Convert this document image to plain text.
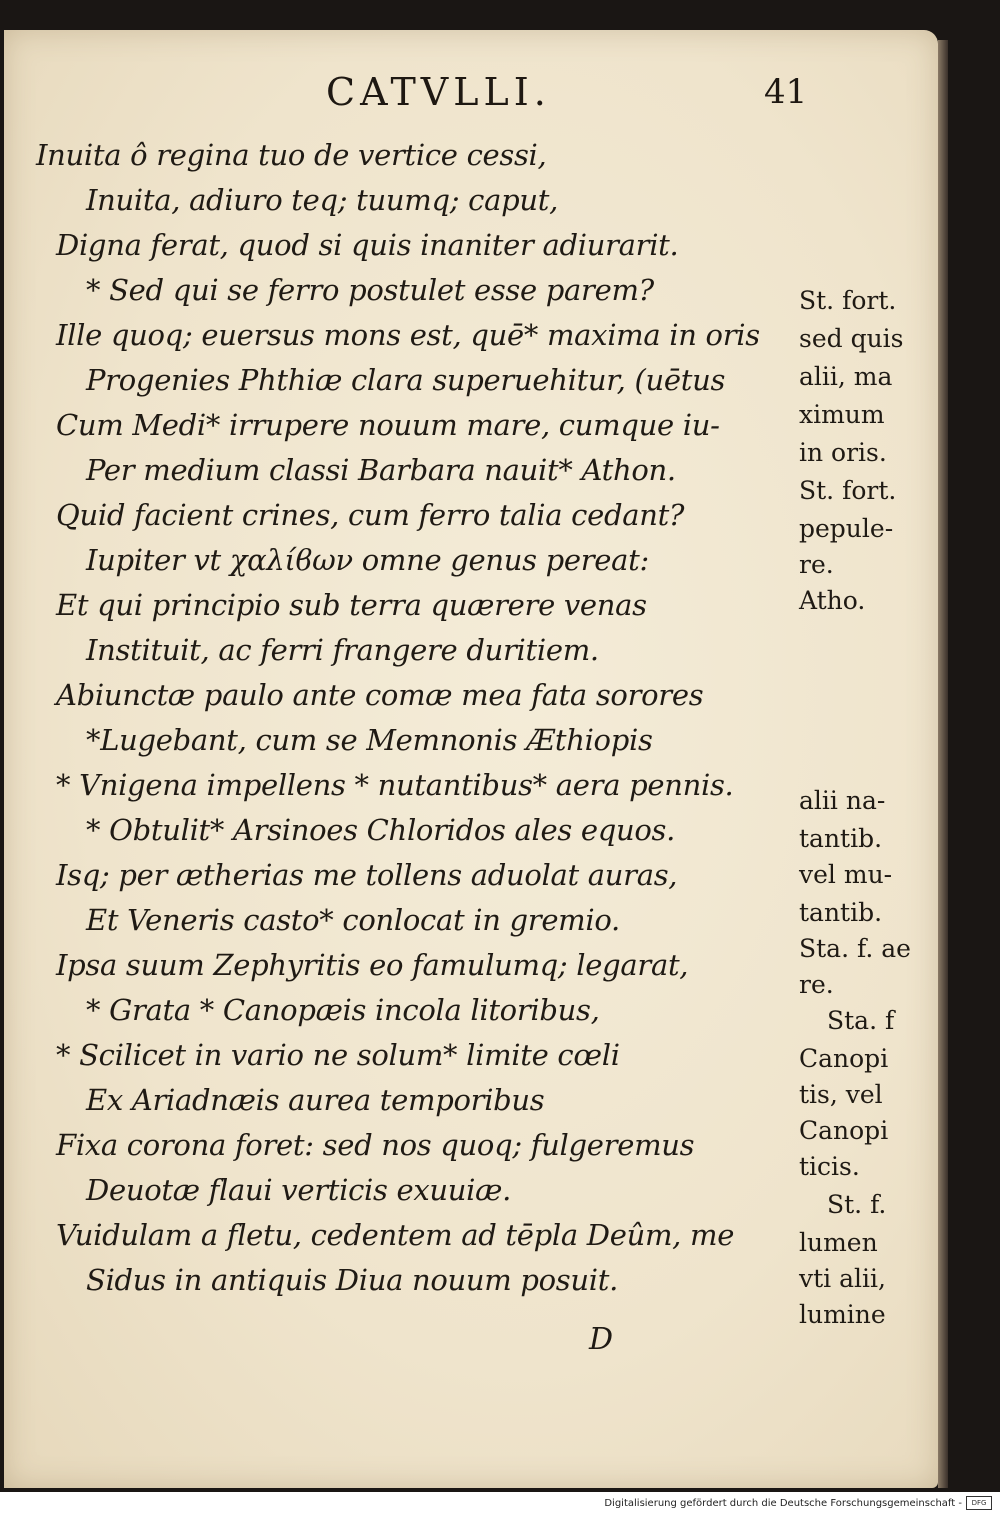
CATVLLI.	41
Inuita ô regina tuo de vertice cessi,
Inuita, adiuro teq; tuumq; caput,
Digna ferat, quod si quis inaniter adiurarit.
* Sed qui se ferro postulet esse parem?
Ille quoq; euersus mons est, quē* maxima in oris
Progenies Phthiæ clara superuehitur, (uētus
Cum Medi* irrupere nouum mare, cumque iu-
Per medium classi Barbara nauit* Athon.
Quid facient crines, cum ferro talia cedant?
Iupiter vt χαλίϐων omne genus pereat:
Et qui principio sub terra quærere venas
Instituit, ac ferri frangere duritiem.
Abiunctæ paulo ante comæ mea fata sorores
*Lugebant, cum se Memnonis Æthiopis
* Vnigena impellens * nutantibus* aera pennis.
* Obtulit* Arsinoes Chloridos ales equos.
Isq; per ætherias me tollens aduolat auras,
Et Veneris casto* conlocat in gremio.
Ipsa suum Zephyritis eo famulumq; legarat,
* Grata * Canopæis incola litoribus,
* Scilicet in vario ne solum* limite cœli
Ex Ariadnæis aurea temporibus
Fixa corona foret: sed nos quoq; fulgeremus
Deuotæ flaui verticis exuuiæ.
Vuidulam a fletu, cedentem ad tēpla Deûm, me
Sidus in antiquis Diua nouum posuit.
St. fort.
sed quis
alii, ma
ximum
in oris.
St. fort.
pepule-
re.
Atho.
alii na-
tantib.
vel mu-
tantib.
Sta. f. ae
re.
Sta. f
Canopi
tis, vel
Canopi
ticis.
St. f.
lumen
vti alii,
lumine
D
Digitalisierung gefördert durch die Deutsche Forschungsgemeinschaft -	DFG
